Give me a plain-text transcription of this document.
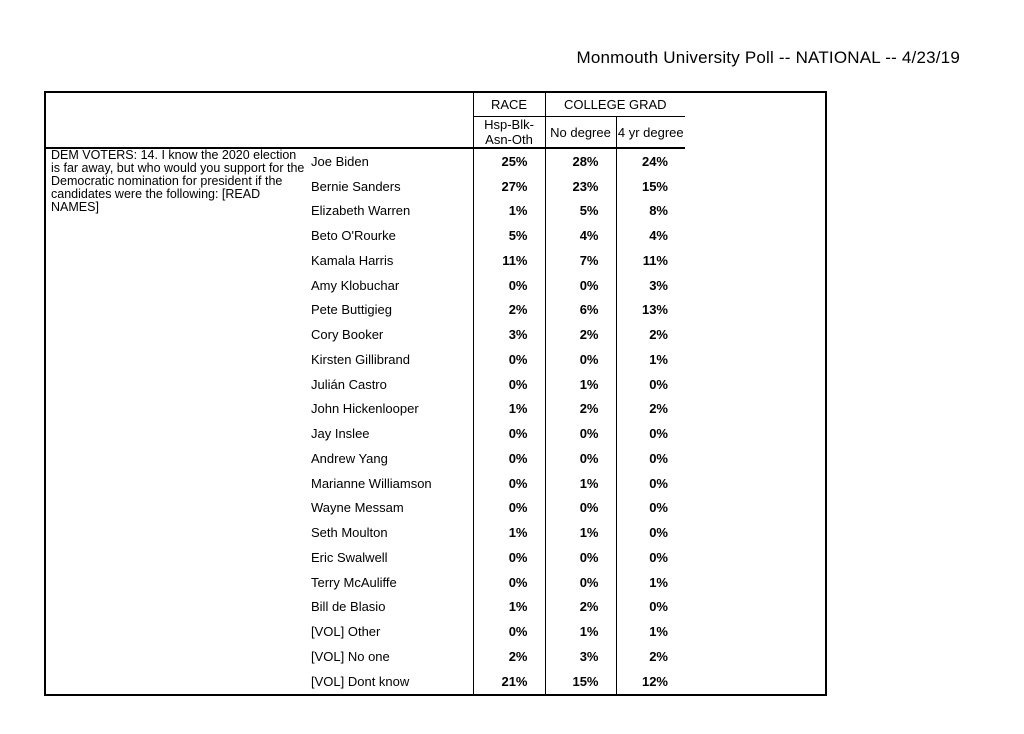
Monmouth University Poll -- NATIONAL -- 4/23/19
		RACE	COLLEGE GRAD	
		Hsp-Blk-Asn-Oth	No degree	4 yr degree
DEM VOTERS: 14. I know the 2020 election is far away, but who would you support for the Democratic nomination for president if the candidates were the following: [READ NAMES]	Joe Biden	25%	28%	24%
	Bernie Sanders	27%	23%	15%
	Elizabeth Warren	1%	5%	8%
	Beto O'Rourke	5%	4%	4%
	Kamala Harris	11%	7%	11%
	Amy Klobuchar	0%	0%	3%
	Pete Buttigieg	2%	6%	13%
	Cory Booker	3%	2%	2%
	Kirsten Gillibrand	0%	0%	1%
	Julián Castro	0%	1%	0%
	John Hickenlooper	1%	2%	2%
	Jay Inslee	0%	0%	0%
	Andrew Yang	0%	0%	0%
	Marianne Williamson	0%	1%	0%
	Wayne Messam	0%	0%	0%
	Seth Moulton	1%	1%	0%
	Eric Swalwell	0%	0%	0%
	Terry McAuliffe	0%	0%	1%
	Bill de Blasio	1%	2%	0%
	[VOL] Other	0%	1%	1%
	[VOL] No one	2%	3%	2%
	[VOL] Dont know	21%	15%	12%
